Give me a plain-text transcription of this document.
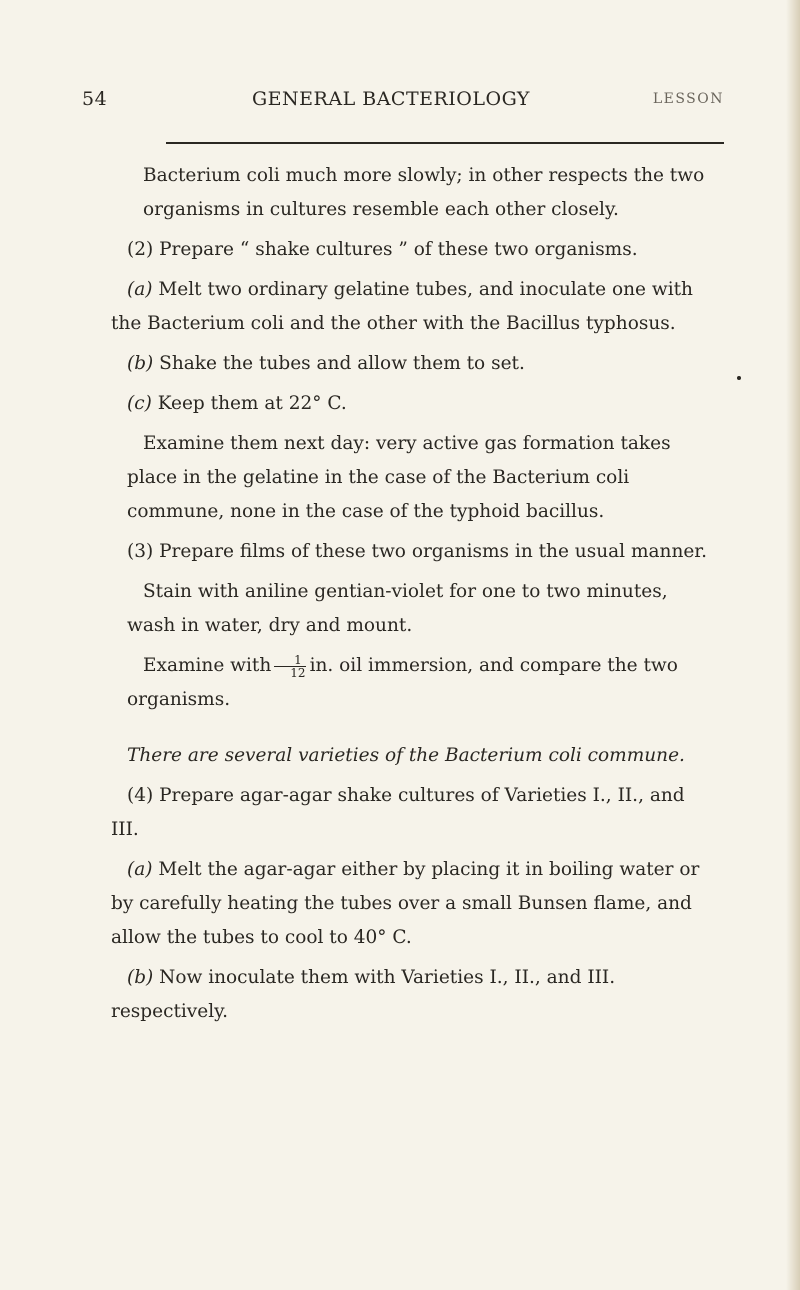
54	GENERAL BACTERIOLOGY	LESSON

Bacterium coli much more slowly; in other respects the two organisms in cultures resemble each other closely.

(2) Prepare “ shake cultures ” of these two organisms.

(a) Melt two ordinary gelatine tubes, and inoculate one with the Bacterium coli and the other with the Bacillus typhosus.

(b) Shake the tubes and allow them to set.

(c) Keep them at 22° C.

Examine them next day: very active gas formation takes place in the gelatine in the case of the Bacterium coli commune, none in the case of the typhoid bacillus.

(3) Prepare films of these two organisms in the usual manner.

Stain with aniline gentian-violet for one to two minutes, wash in water, dry and mount.

Examine with $\frac{1}{12}$ in. oil immersion, and compare the two organisms.

There are several varieties of the Bacterium coli commune.

(4) Prepare agar-agar shake cultures of Varieties I., II., and III.

(a) Melt the agar-agar either by placing it in boiling water or by carefully heating the tubes over a small Bunsen flame, and allow the tubes to cool to 40° C.

(b) Now inoculate them with Varieties I., II., and III. respectively.
